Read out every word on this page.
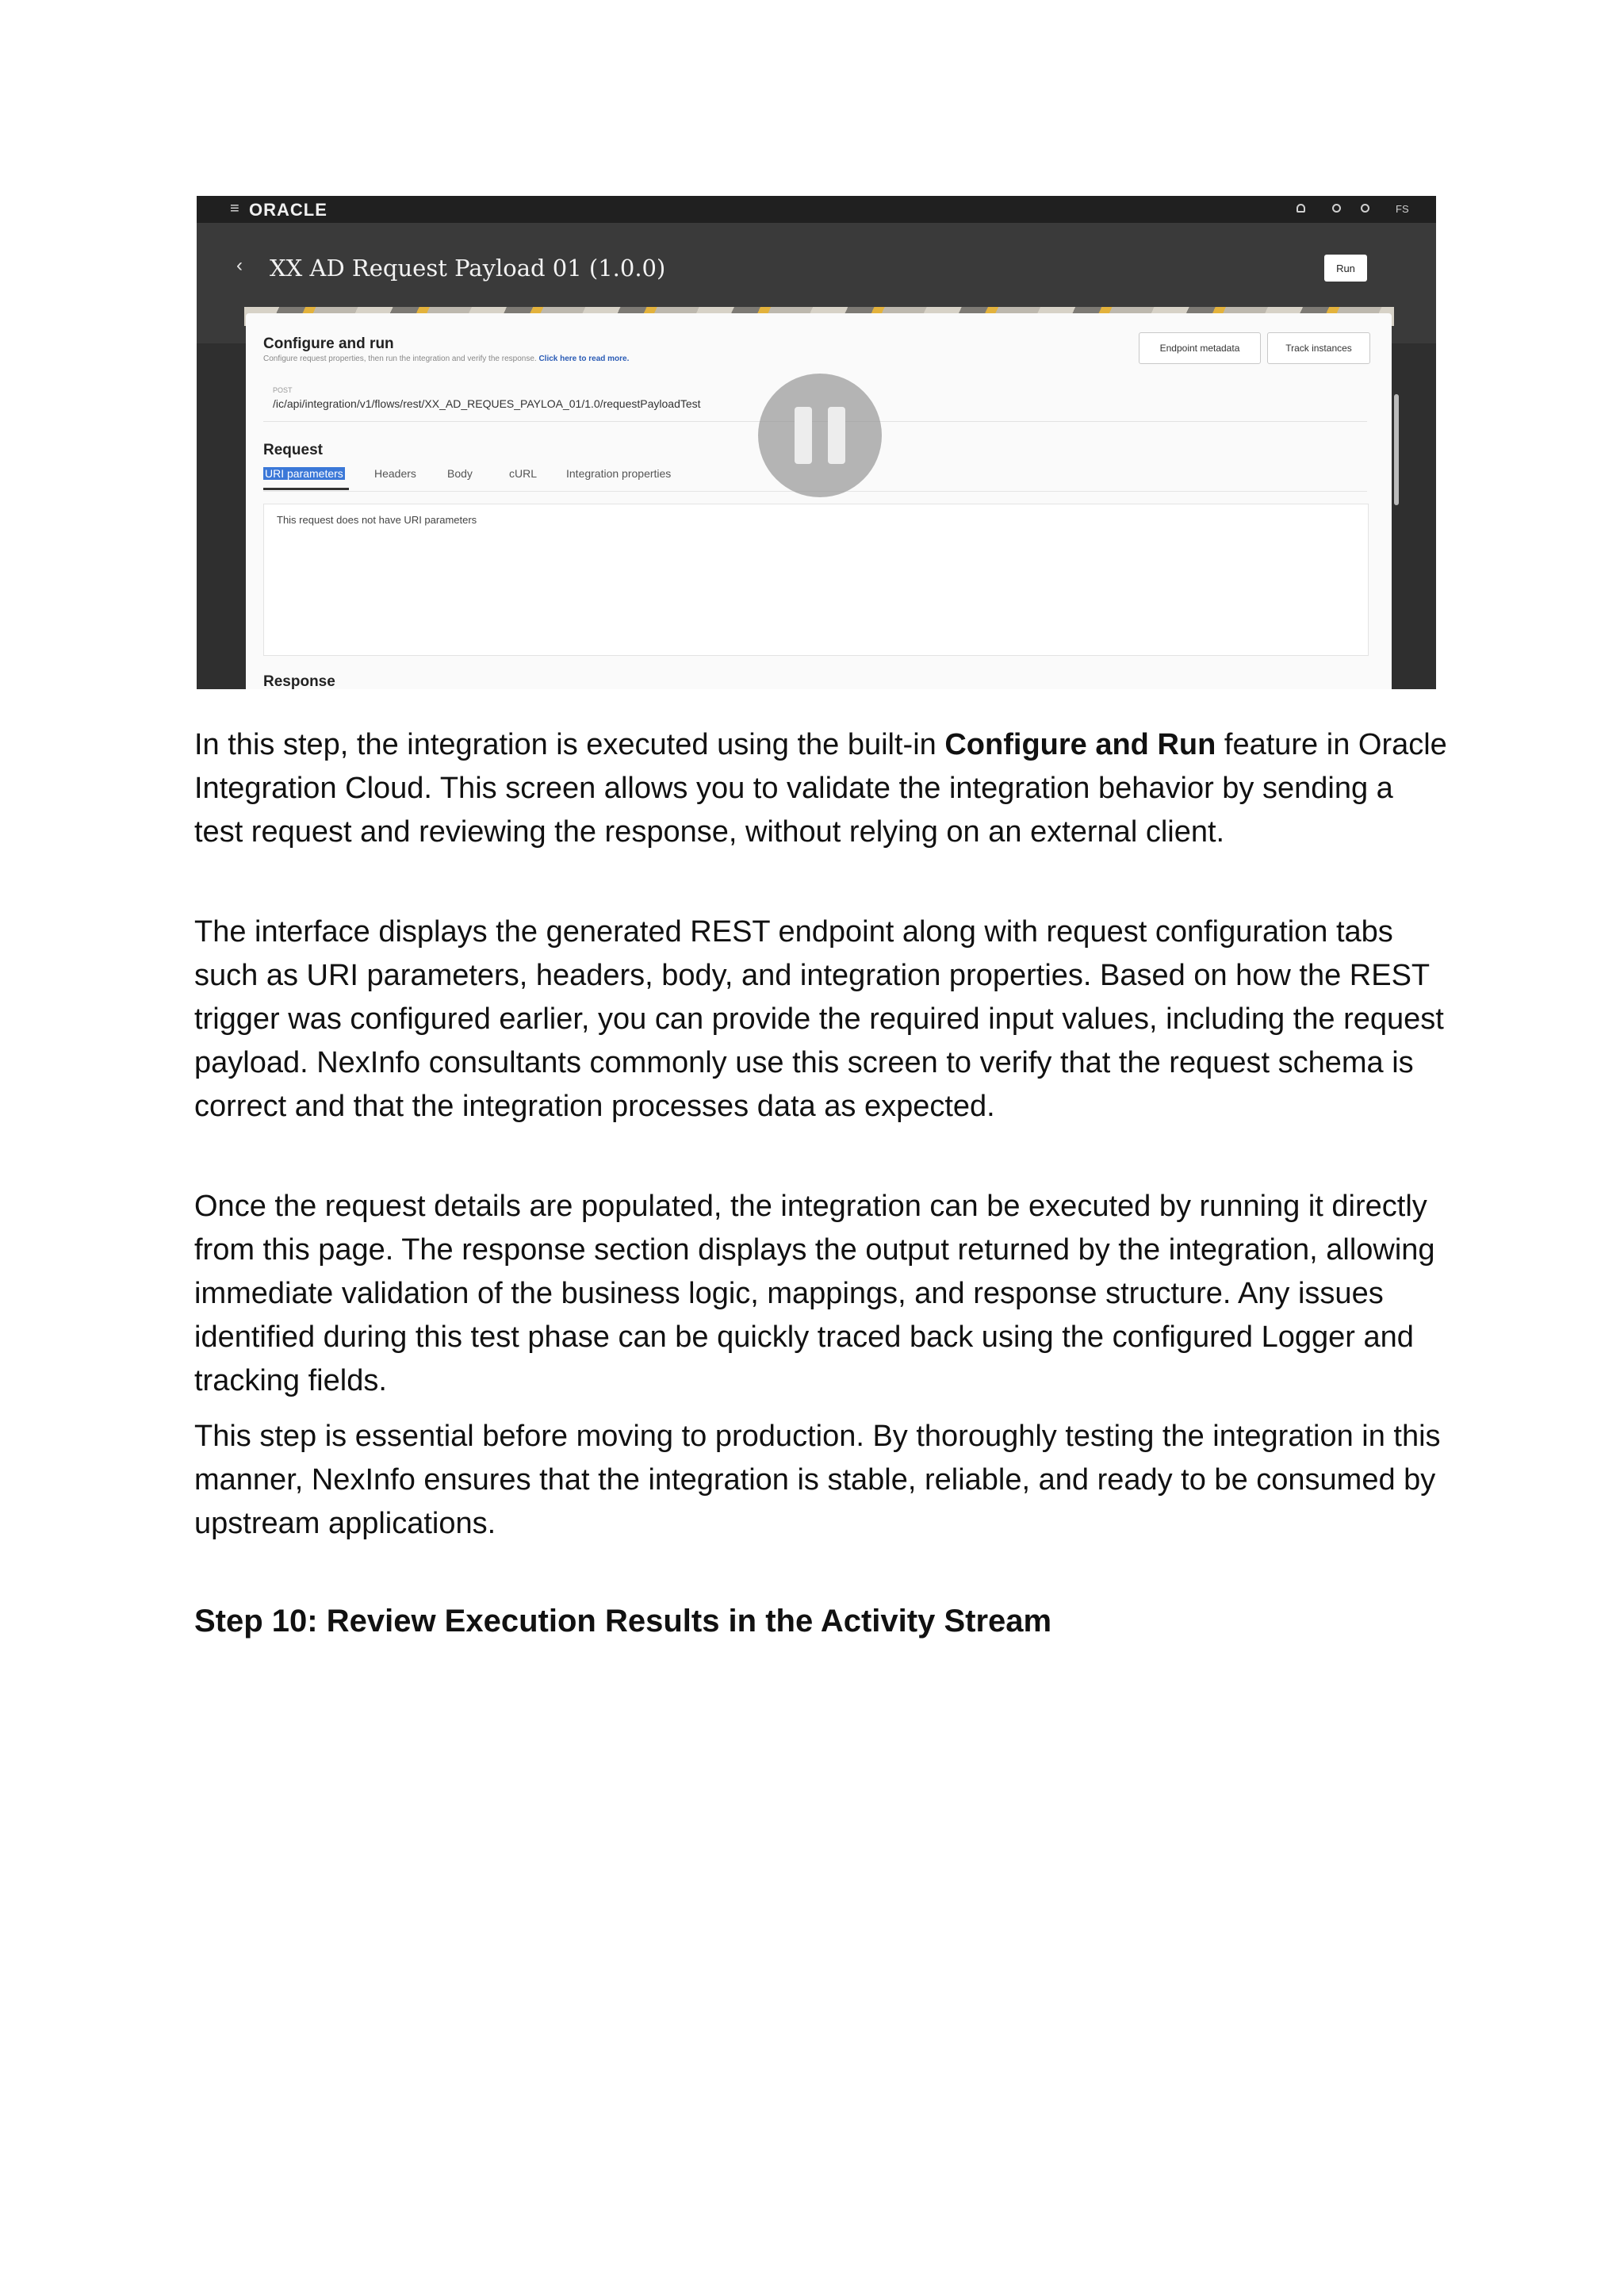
≡ ORACLE	FS
‹ XX AD Request Payload 01 (1.0.0)	Run
Configure and run
Configure request properties, then run the integration and verify the response. Click here to read more.
Endpoint metadata	Track instances
POST
/ic/api/integration/v1/flows/rest/XX_AD_REQUES_PAYLOA_01/1.0/requestPayloadTest
Request
URI parameters	Headers	Body	cURL	Integration properties
This request does not have URI parameters
Response

In this step, the integration is executed using the built-in Configure and Run feature in Oracle Integration Cloud. This screen allows you to validate the integration behavior by sending a test request and reviewing the response, without relying on an external client.

The interface displays the generated REST endpoint along with request configuration tabs such as URI parameters, headers, body, and integration properties. Based on how the REST trigger was configured earlier, you can provide the required input values, including the request payload. NexInfo consultants commonly use this screen to verify that the request schema is correct and that the integration processes data as expected.

Once the request details are populated, the integration can be executed by running it directly from this page. The response section displays the output returned by the integration, allowing immediate validation of the business logic, mappings, and response structure. Any issues identified during this test phase can be quickly traced back using the configured Logger and tracking fields.

This step is essential before moving to production. By thoroughly testing the integration in this manner, NexInfo ensures that the integration is stable, reliable, and ready to be consumed by upstream applications.

Step 10: Review Execution Results in the Activity Stream
